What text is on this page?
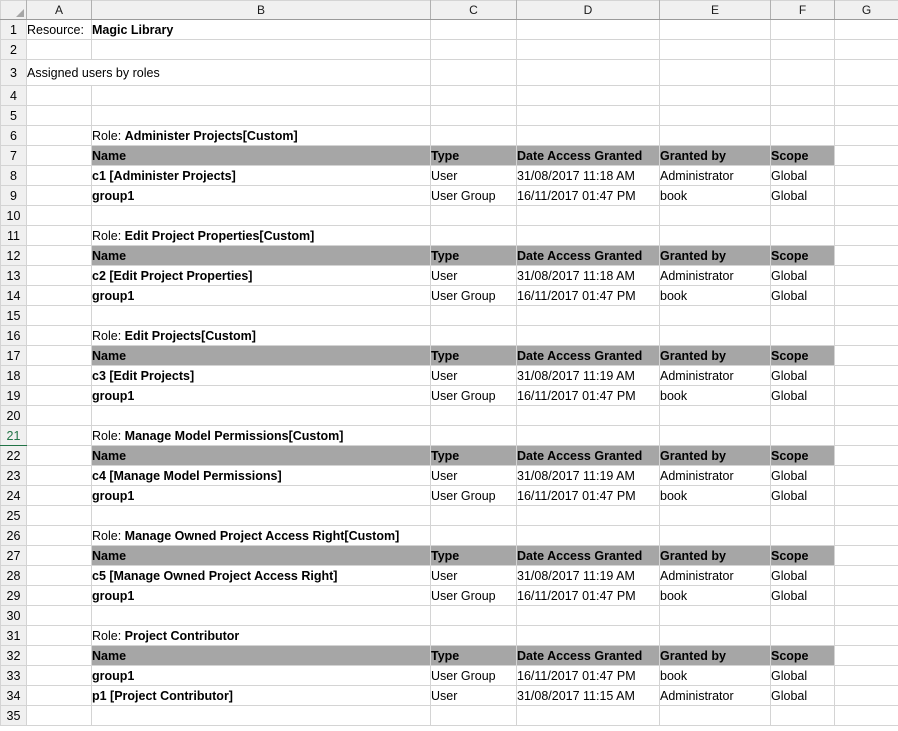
	A	B	C	D	E	F	G
1	Resource:	Magic Library					
2							
3	Assigned users by roles						
4							
5							
6		Role: Administer Projects[Custom]					
7		Name	Type	Date Access Granted	Granted by	Scope	
8		c1 [Administer Projects]	User	31/08/2017 11:18 AM	Administrator	Global	
9		group1	User Group	16/11/2017 01:47 PM	book	Global	
10							
11		Role: Edit Project Properties[Custom]					
12		Name	Type	Date Access Granted	Granted by	Scope	
13		c2 [Edit Project Properties]	User	31/08/2017 11:18 AM	Administrator	Global	
14		group1	User Group	16/11/2017 01:47 PM	book	Global	
15							
16		Role: Edit Projects[Custom]					
17		Name	Type	Date Access Granted	Granted by	Scope	
18		c3 [Edit Projects]	User	31/08/2017 11:19 AM	Administrator	Global	
19		group1	User Group	16/11/2017 01:47 PM	book	Global	
20							
21		Role: Manage Model Permissions[Custom]					
22		Name	Type	Date Access Granted	Granted by	Scope	
23		c4 [Manage Model Permissions]	User	31/08/2017 11:19 AM	Administrator	Global	
24		group1	User Group	16/11/2017 01:47 PM	book	Global	
25							
26		Role: Manage Owned Project Access Right[Custom]					
27		Name	Type	Date Access Granted	Granted by	Scope	
28		c5 [Manage Owned Project Access Right]	User	31/08/2017 11:19 AM	Administrator	Global	
29		group1	User Group	16/11/2017 01:47 PM	book	Global	
30							
31		Role: Project Contributor					
32		Name	Type	Date Access Granted	Granted by	Scope	
33		group1	User Group	16/11/2017 01:47 PM	book	Global	
34		p1 [Project Contributor]	User	31/08/2017 11:15 AM	Administrator	Global	
35							
